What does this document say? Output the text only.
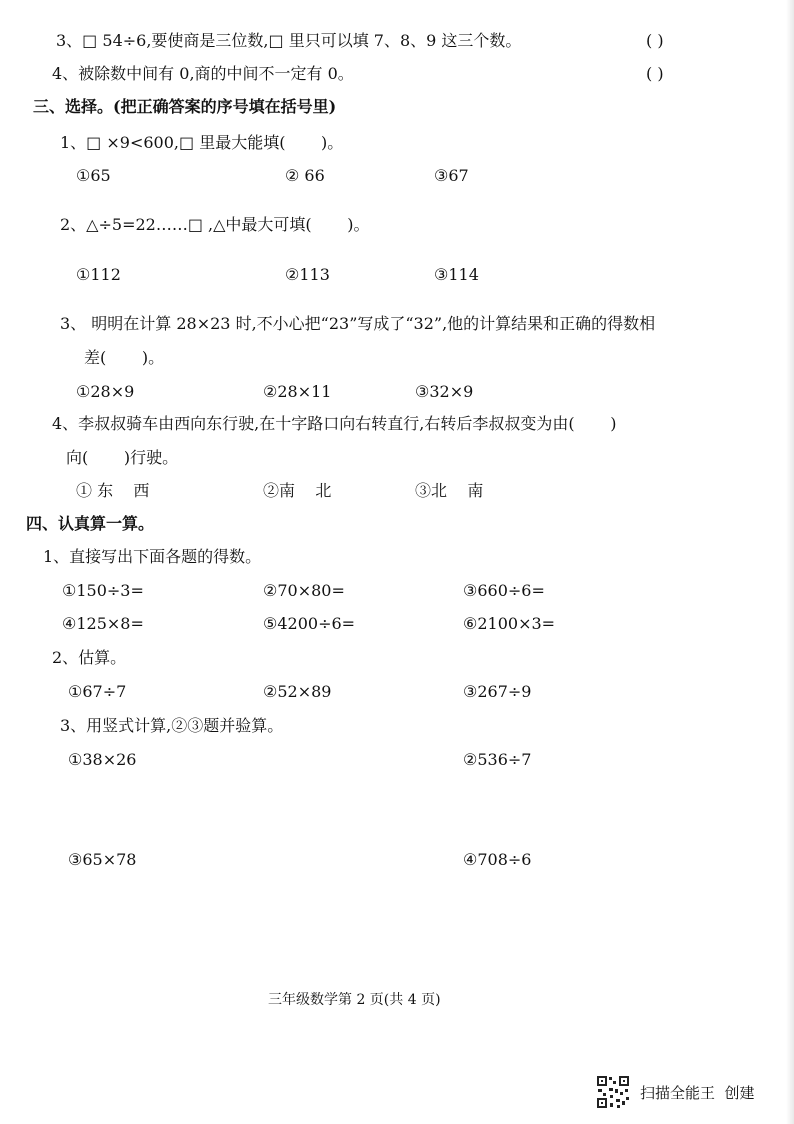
3、□ 54÷6,要使商是三位数,□ 里只可以填 7、8、9 这三个数。	( )
4、被除数中间有 0,商的中间不一定有 0。	( )
三、选择。(把正确答案的序号填在括号里)
1、□ ×9<600,□ 里最大能填(       )。
①65	② 66	③67
2、△÷5=22……□ ,△中最大可填(       )。
①112	②113	③114
3、 明明在计算 28×23 时,不小心把“23”写成了“32”,他的计算结果和正确的得数相
差(       )。
①28×9	②28×11	③32×9
4、李叔叔骑车由西向东行驶,在十字路口向右转直行,右转后李叔叔变为由(       )
向(       )行驶。
① 东    西	②南    北	③北    南
四、认真算一算。
1、直接写出下面各题的得数。
①150÷3=	②70×80=	③660÷6=
④125×8=	⑤4200÷6=	⑥2100×3=
2、估算。
①67÷7	②52×89	③267÷9
3、用竖式计算,②③题并验算。
①38×26	②536÷7
③65×78	④708÷6
三年级数学第 2 页(共 4 页)
扫描全能王  创建
